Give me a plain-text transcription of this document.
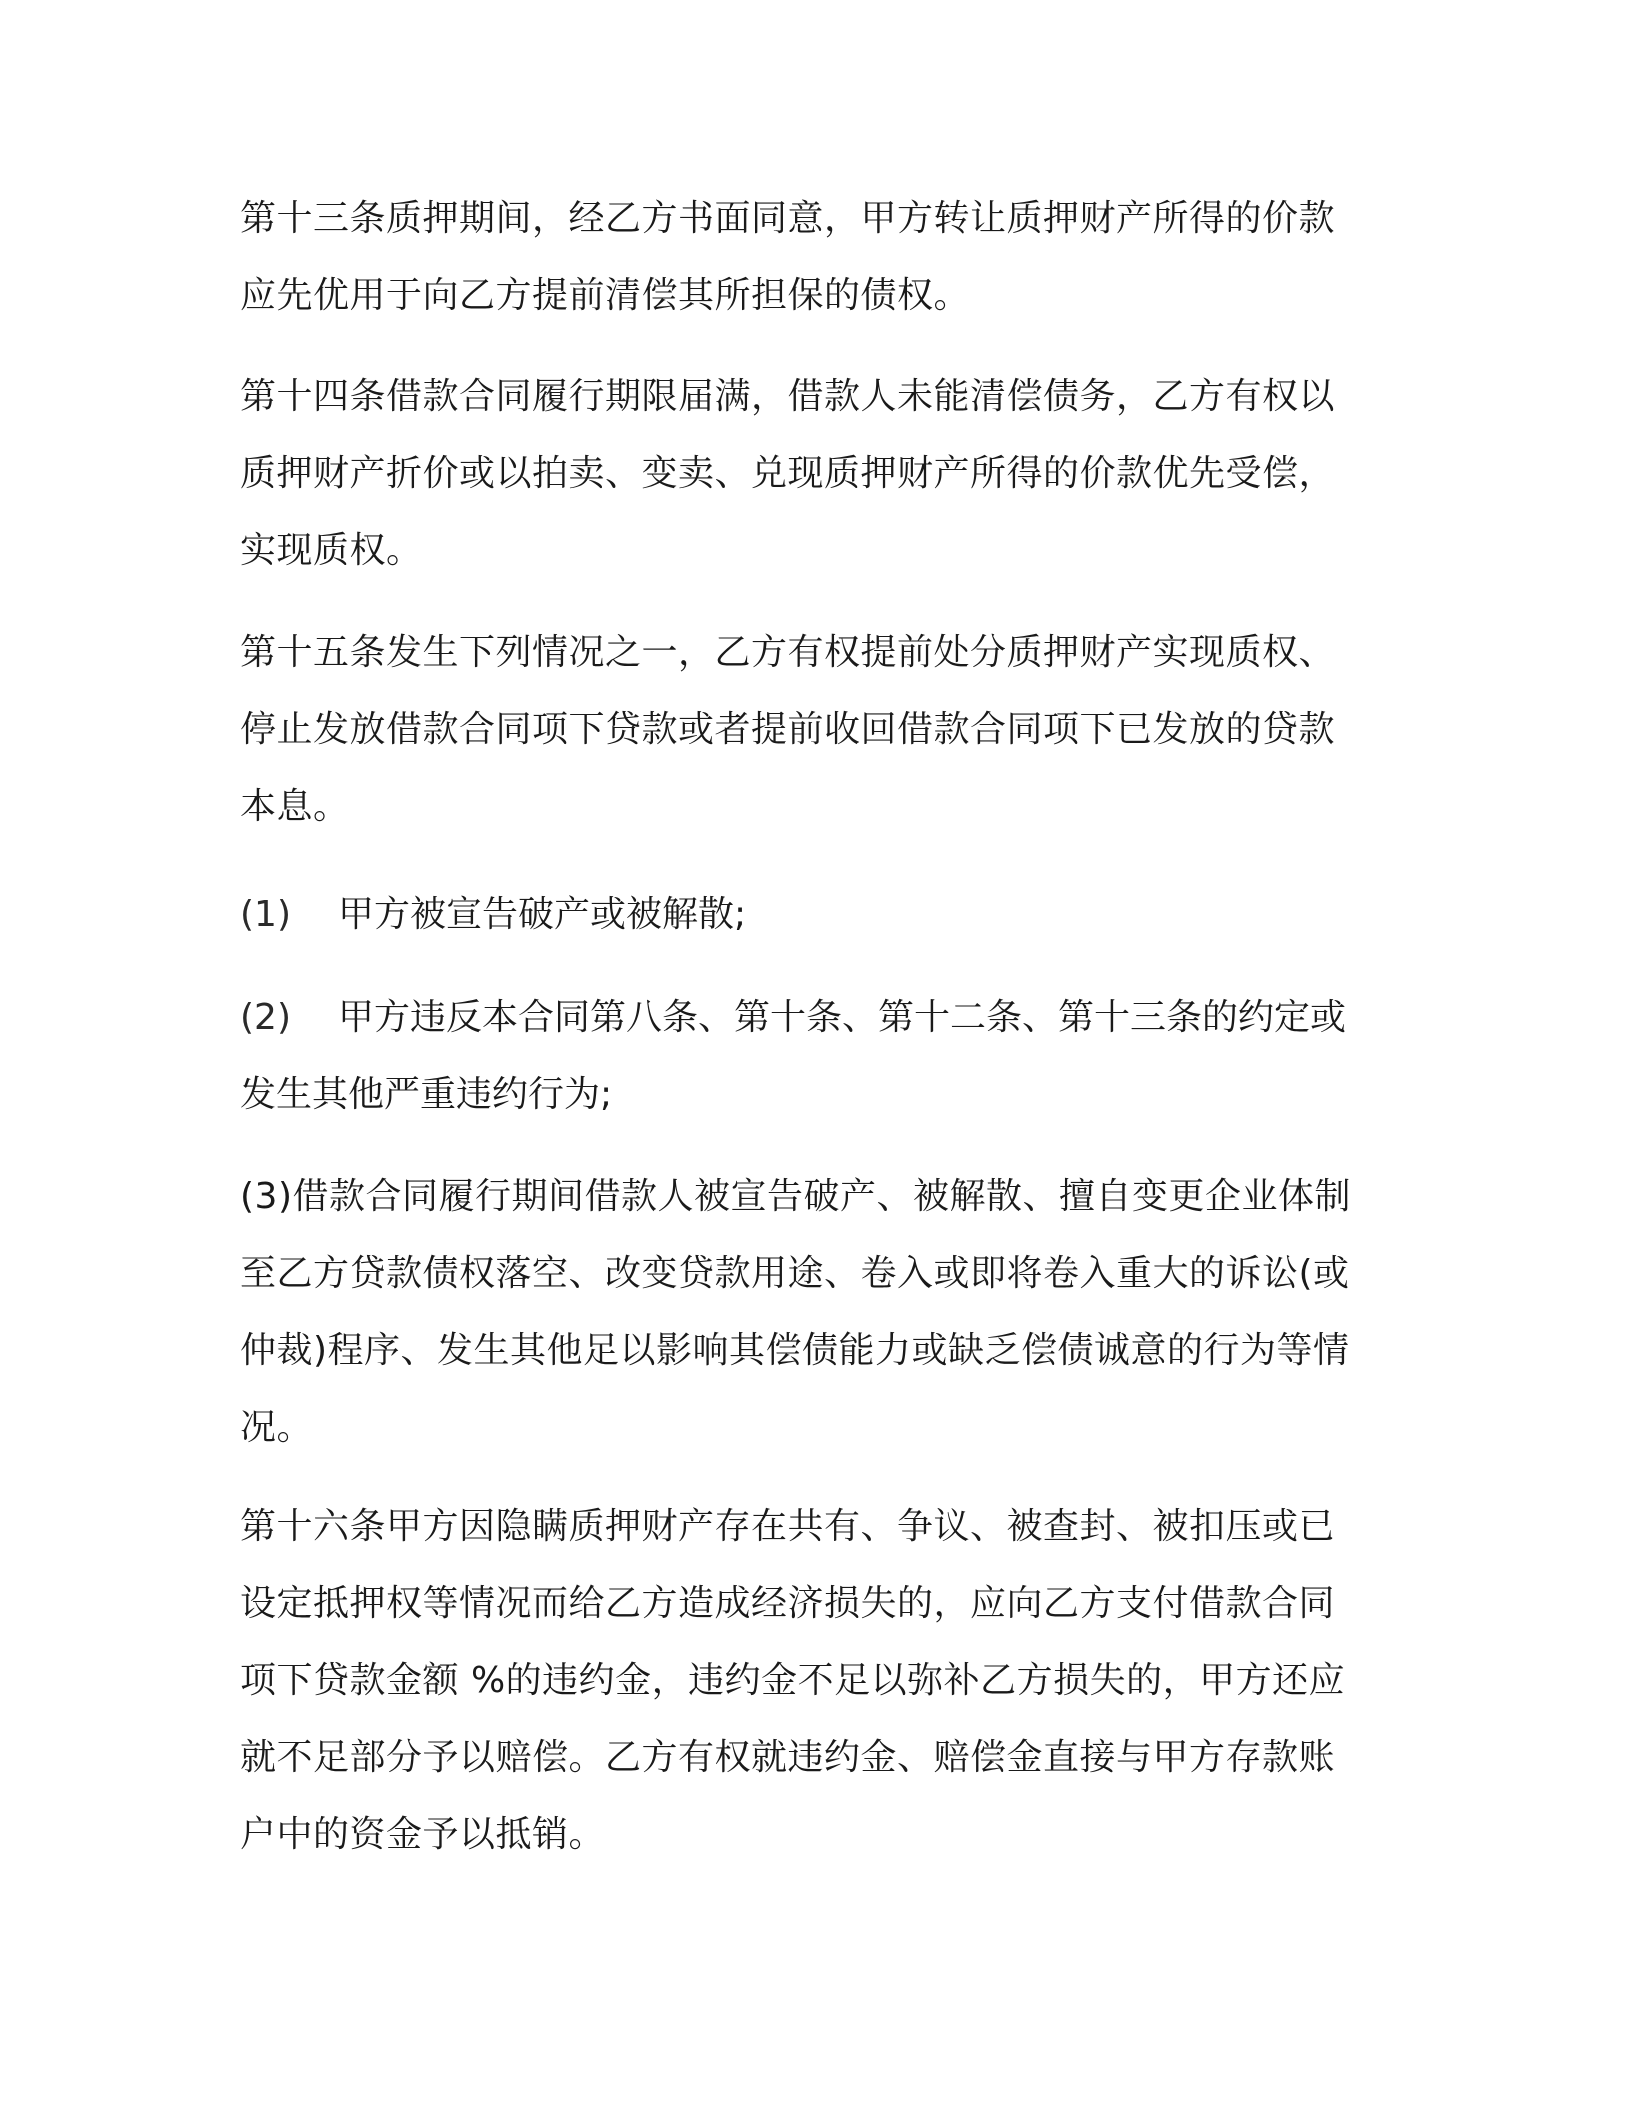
第十三条质押期间，经乙方书面同意，甲方转让质押财产所得的价款
应先优用于向乙方提前清偿其所担保的债权。
第十四条借款合同履行期限届满，借款人未能清偿债务，乙方有权以
质押财产折价或以拍卖、变卖、兑现质押财产所得的价款优先受偿，
实现质权。
第十五条发生下列情况之一，乙方有权提前处分质押财产实现质权、
停止发放借款合同项下贷款或者提前收回借款合同项下已发放的贷款
本息。
(1) 甲方被宣告破产或被解散;
(2) 甲方违反本合同第八条、第十条、第十二条、第十三条的约定或
发生其他严重违约行为;
(3)借款合同履行期间借款人被宣告破产、被解散、擅自变更企业体制
至乙方贷款债权落空、改变贷款用途、卷入或即将卷入重大的诉讼(或
仲裁)程序、发生其他足以影响其偿债能力或缺乏偿债诚意的行为等情
况。
第十六条甲方因隐瞒质押财产存在共有、争议、被查封、被扣压或已
设定抵押权等情况而给乙方造成经济损失的，应向乙方支付借款合同
项下贷款金额 %的违约金，违约金不足以弥补乙方损失的，甲方还应
就不足部分予以赔偿。乙方有权就违约金、赔偿金直接与甲方存款账
户中的资金予以抵销。
